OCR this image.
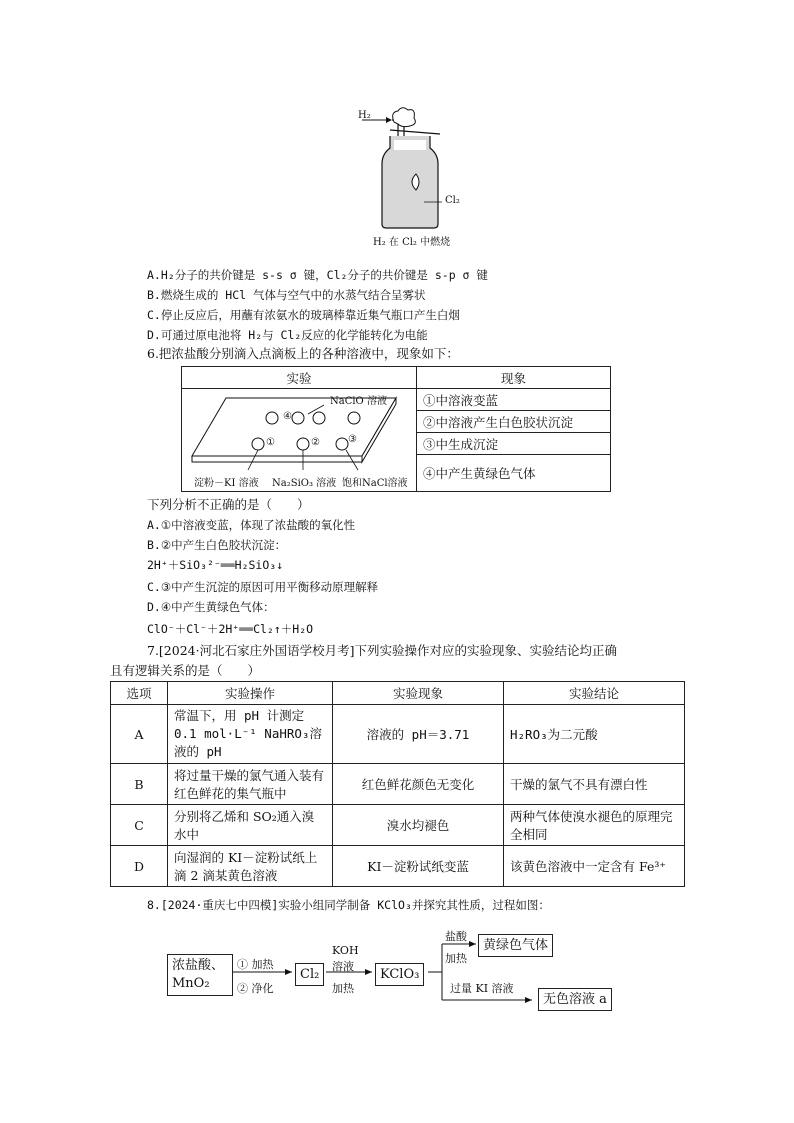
H₂
Cl₂
H₂ 在 Cl₂ 中燃烧
A.H₂分子的共价键是 s-s σ 键，Cl₂分子的共价键是 s-p σ 键
B.燃烧生成的 HCl 气体与空气中的水蒸气结合呈雾状
C.停止反应后，用蘸有浓氨水的玻璃棒靠近集气瓶口产生白烟
D.可通过原电池将 H₂与 Cl₂反应的化学能转化为电能
6.把浓盐酸分别滴入点滴板上的各种溶液中，现象如下：
实验	现象
	①中溶液变蓝
	②中溶液产生白色胶状沉淀
	③中生成沉淀
	④中产生黄绿色气体
NaClO 溶液
④
①	②	③
淀粉－KI 溶液 Na₂SiO₃ 溶液 饱和NaCl溶液
下列分析不正确的是（　　）
A.①中溶液变蓝，体现了浓盐酸的氧化性
B.②中产生白色胶状沉淀：
2H⁺＋SiO₃²⁻══H₂SiO₃↓
C.③中产生沉淀的原因可用平衡移动原理解释
D.④中产生黄绿色气体：
ClO⁻＋Cl⁻＋2H⁺══Cl₂↑＋H₂O
7.[2024·河北石家庄外国语学校月考]下列实验操作对应的实验现象、实验结论均正确
且有逻辑关系的是（　　）
选项	实验操作	实验现象	实验结论
A	常温下，用 pH 计测定 0.1 mol·L⁻¹ NaHRO₃溶液的 pH	溶液的 pH＝3.71	H₂RO₃为二元酸
B	将过量干燥的氯气通入装有红色鲜花的集气瓶中	红色鲜花颜色无变化	干燥的氯气不具有漂白性
C	分别将乙烯和 SO₂通入溴水中	溴水均褪色	两种气体使溴水褪色的原理完全相同
D	向湿润的 KI－淀粉试纸上滴 2 滴某黄色溶液	KI－淀粉试纸变蓝	该黄色溶液中一定含有 Fe³⁺
8.[2024·重庆七中四模]实验小组同学制备 KClO₃并探究其性质，过程如图：
浓盐酸、MnO₂
① 加热
② 净化
Cl₂
KOH
溶液
加热
KClO₃
盐酸
加热
黄绿色气体
过量 KI 溶液
无色溶液 a
